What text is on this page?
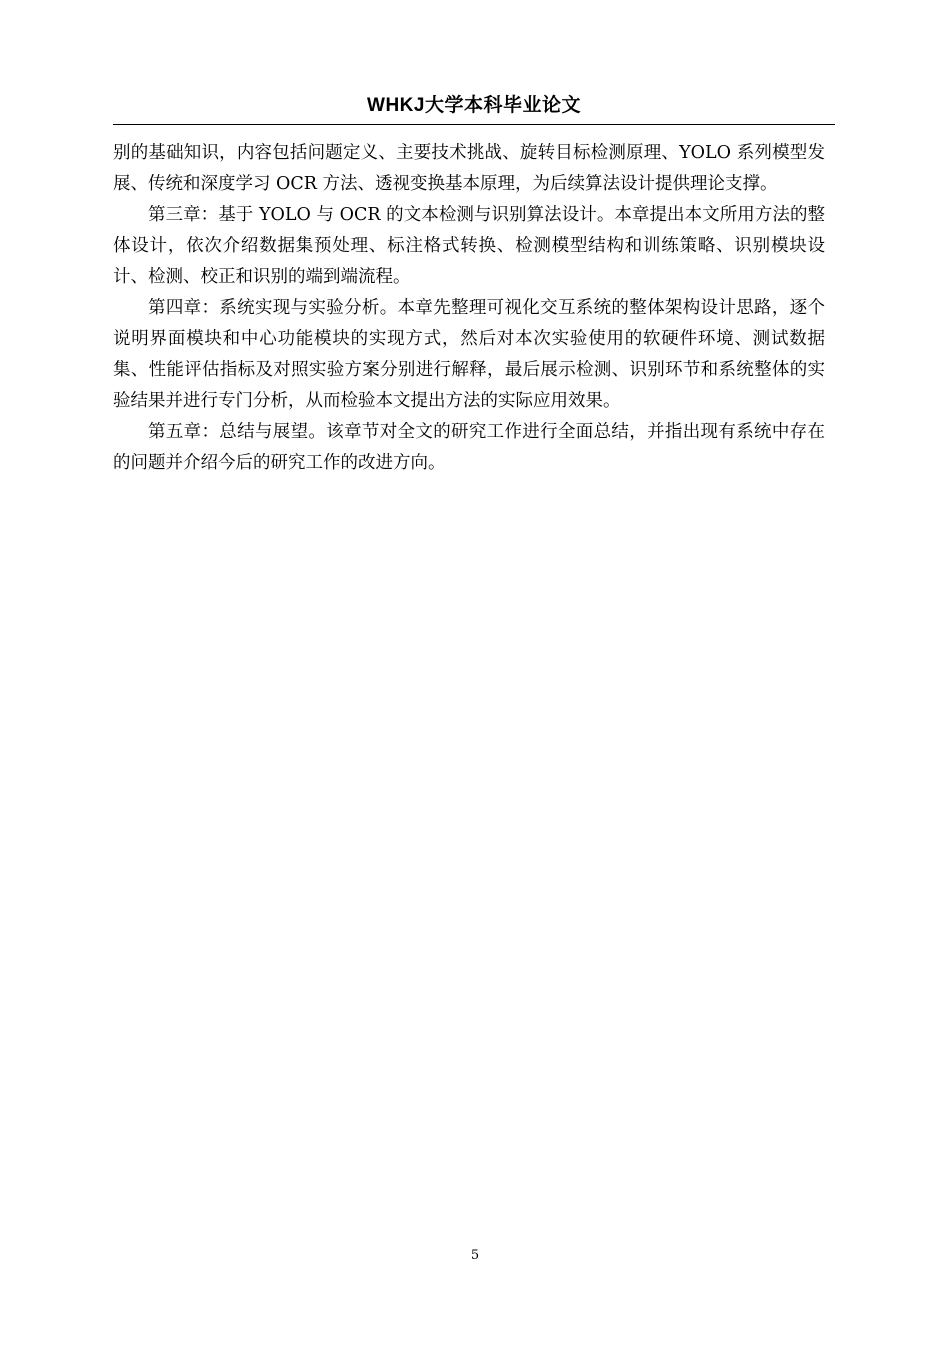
WHKJ大学本科毕业论文

别的基础知识，内容包括问题定义、主要技术挑战、旋转目标检测原理、YOLO 系列模型发展、传统和深度学习 OCR 方法、透视变换基本原理，为后续算法设计提供理论支撑。

第三章：基于 YOLO 与 OCR 的文本检测与识别算法设计。本章提出本文所用方法的整体设计，依次介绍数据集预处理、标注格式转换、检测模型结构和训练策略、识别模块设计、检测、校正和识别的端到端流程。

第四章：系统实现与实验分析。本章先整理可视化交互系统的整体架构设计思路，逐个说明界面模块和中心功能模块的实现方式，然后对本次实验使用的软硬件环境、测试数据集、性能评估指标及对照实验方案分别进行解释，最后展示检测、识别环节和系统整体的实验结果并进行专门分析，从而检验本文提出方法的实际应用效果。

第五章：总结与展望。该章节对全文的研究工作进行全面总结，并指出现有系统中存在的问题并介绍今后的研究工作的改进方向。

5
